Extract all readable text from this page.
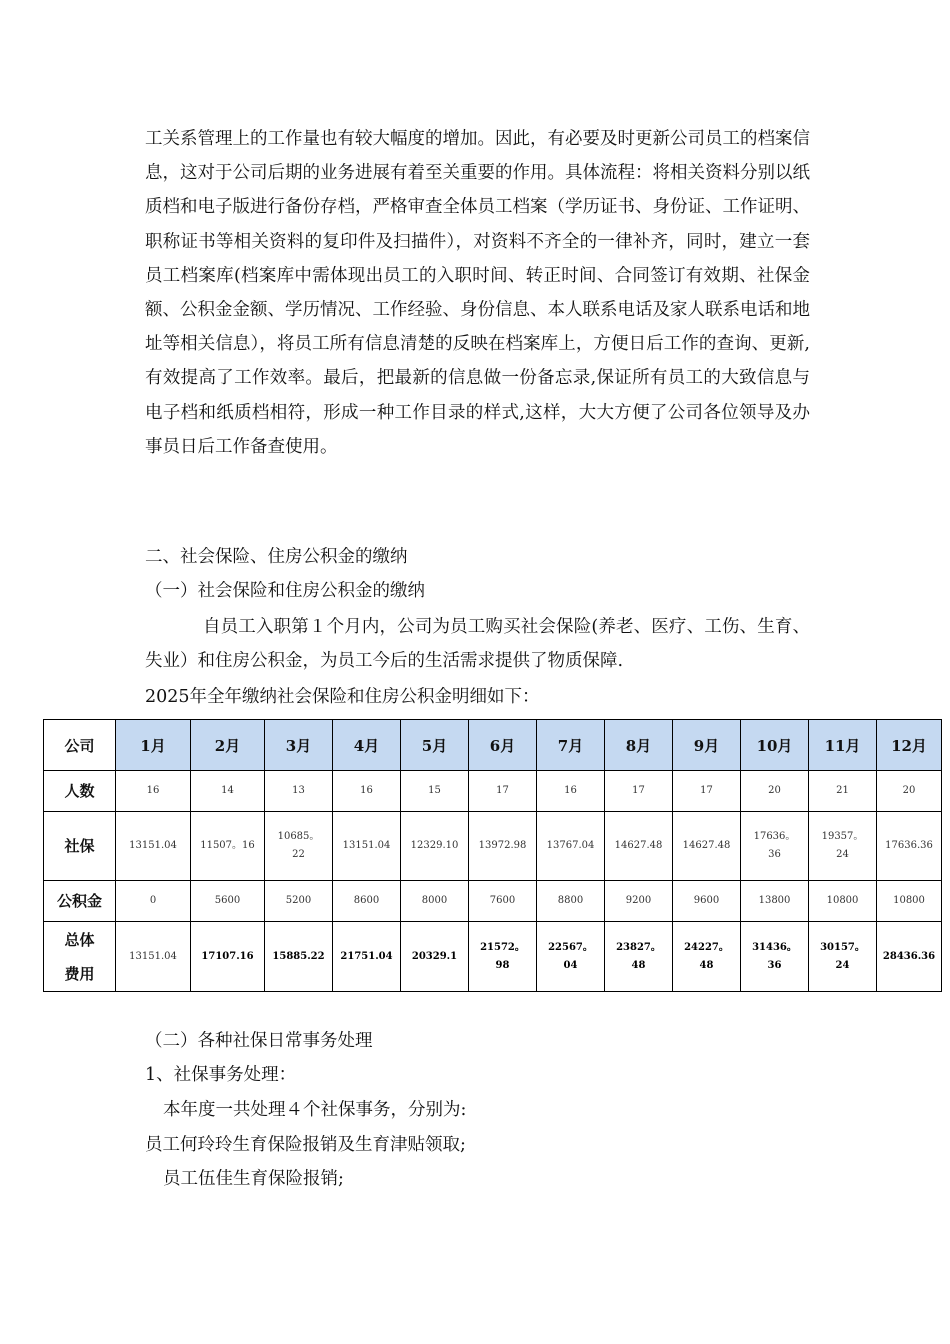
工关系管理上的工作量也有较大幅度的增加。因此，有必要及时更新公司员工的档案信息，这对于公司后期的业务进展有着至关重要的作用。具体流程：将相关资料分别以纸质档和电子版进行备份存档，严格审查全体员工档案（学历证书、身份证、工作证明、职称证书等相关资料的复印件及扫描件），对资料不齐全的一律补齐，同时，建立一套员工档案库(档案库中需体现出员工的入职时间、转正时间、合同签订有效期、社保金额、公积金金额、学历情况、工作经验、身份信息、本人联系电话及家人联系电话和地址等相关信息），将员工所有信息清楚的反映在档案库上，方便日后工作的查询、更新,有效提高了工作效率。最后，把最新的信息做一份备忘录,保证所有员工的大致信息与电子档和纸质档相符，形成一种工作目录的样式,这样，大大方便了公司各位领导及办事员日后工作备查使用。

二、社会保险、住房公积金的缴纳

（一）社会保险和住房公积金的缴纳

自员工入职第１个月内，公司为员工购买社会保险(养老、医疗、工伤、生育、失业）和住房公积金，为员工今后的生活需求提供了物质保障.

2025年全年缴纳社会保险和住房公积金明细如下：

公司	1月	2月	3月	4月	5月	6月	7月	8月	9月	10月	11月	12月
人数	16	14	13	16	15	17	16	17	17	20	21	20
社保	13151.04	11507。16	10685。22	13151.04	12329.10	13972.98	13767.04	14627.48	14627.48	17636。36	19357。24	17636.36
公积金	0	5600	5200	8600	8000	7600	8800	9200	9600	13800	10800	10800
总体费用	13151.04	17107.16	15885.22	21751.04	20329.1	21572。98	22567。04	23827。48	24227。48	31436。36	30157。24	28436.36

（二）各种社保日常事务处理

1、社保事务处理：

本年度一共处理４个社保事务，分别为:

员工何玲玲生育保险报销及生育津贴领取;

员工伍佳生育保险报销;
